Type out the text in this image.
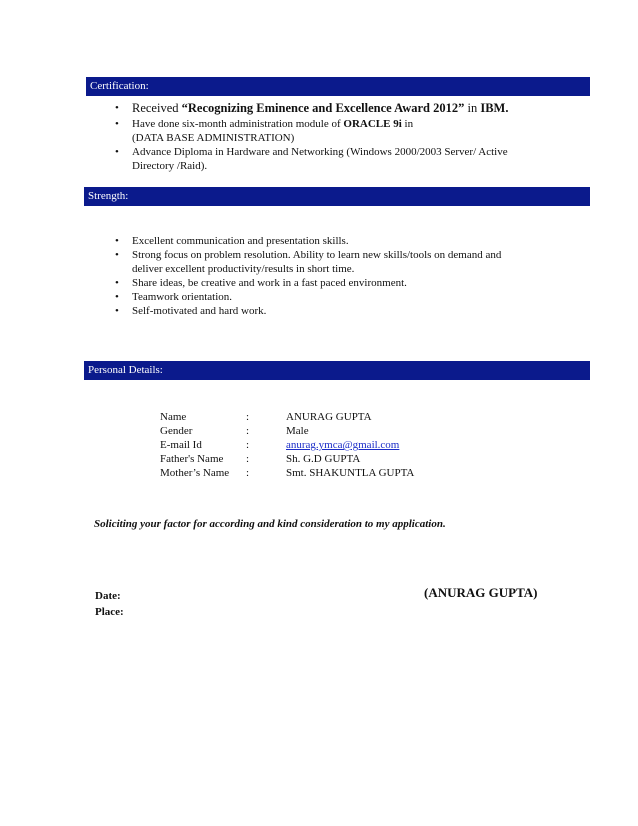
Certification:
• Received “Recognizing Eminence and Excellence Award 2012” in IBM.
• Have done six-month administration module of ORACLE 9i in
(DATA BASE ADMINISTRATION)
• Advance Diploma in Hardware and Networking (Windows 2000/2003 Server/ Active
Directory /Raid).
Strength:
• Excellent communication and presentation skills.
• Strong focus on problem resolution. Ability to learn new skills/tools on demand and
deliver excellent productivity/results in short time.
• Share ideas, be creative and work in a fast paced environment.
• Teamwork orientation.
• Self-motivated and hard work.
Personal Details:
Name	:	ANURAG GUPTA
Gender	:	Male
E-mail Id	:	anurag.ymca@gmail.com
Father's Name	:	Sh. G.D GUPTA
Mother’s Name	:	Smt. SHAKUNTLA GUPTA
Soliciting your factor for according and kind consideration to my application.
Date:
Place:
(ANURAG GUPTA)
